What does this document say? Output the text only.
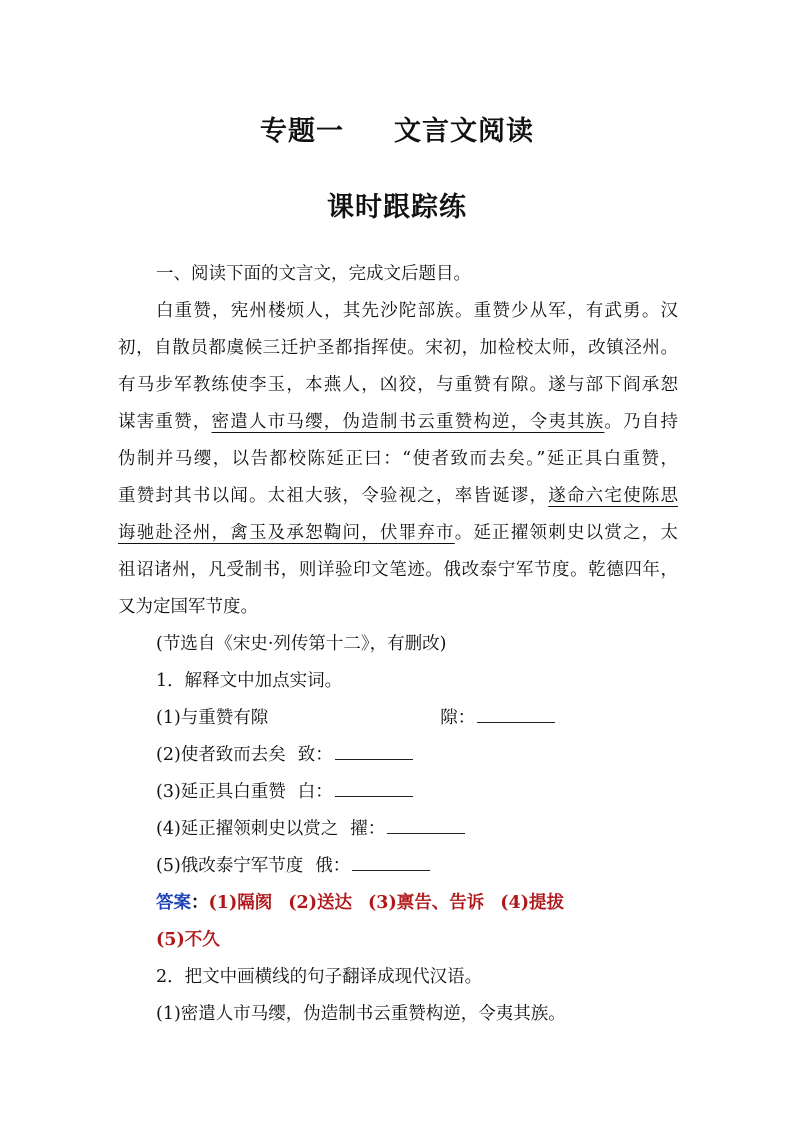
专题一 文言文阅读
课时跟踪练
一、阅读下面的文言文，完成文后题目。
白重赞，宪州楼烦人，其先沙陀部族。重赞少从军，有武勇。汉
初，自散员都虞候三迁护圣都指挥使。宋初，加检校太师，改镇泾州。
有马步军教练使李玉，本燕人，凶狡，与重赞有隙。遂与部下阎承恕
谋害重赞，密遣人市马缨，伪造制书云重赞构逆，令夷其族。乃自持
伪制并马缨，以告都校陈延正曰：“使者致而去矣。”延正具白重赞，
重赞封其书以闻。太祖大骇，令验视之，率皆诞谬，遂命六宅使陈思
诲驰赴泾州，禽玉及承恕鞫问，伏罪弃市。延正擢领刺史以赏之，太
祖诏诸州，凡受制书，则详验印文笔迹。俄改泰宁军节度。乾德四年，
又为定国军节度。
(节选自《宋史·列传第十二》，有删改)
1．解释文中加点实词。
(1)与重赞有隙	隙：
(2)使者致而去矣 致：
(3)延正具白重赞 白：
(4)延正擢领刺史以赏之 擢：
(5)俄改泰宁军节度 俄：
答案：(1)隔阂 (2)送达 (3)禀告、告诉 (4)提拔
(5)不久
2．把文中画横线的句子翻译成现代汉语。
(1)密遣人市马缨，伪造制书云重赞构逆，令夷其族。
